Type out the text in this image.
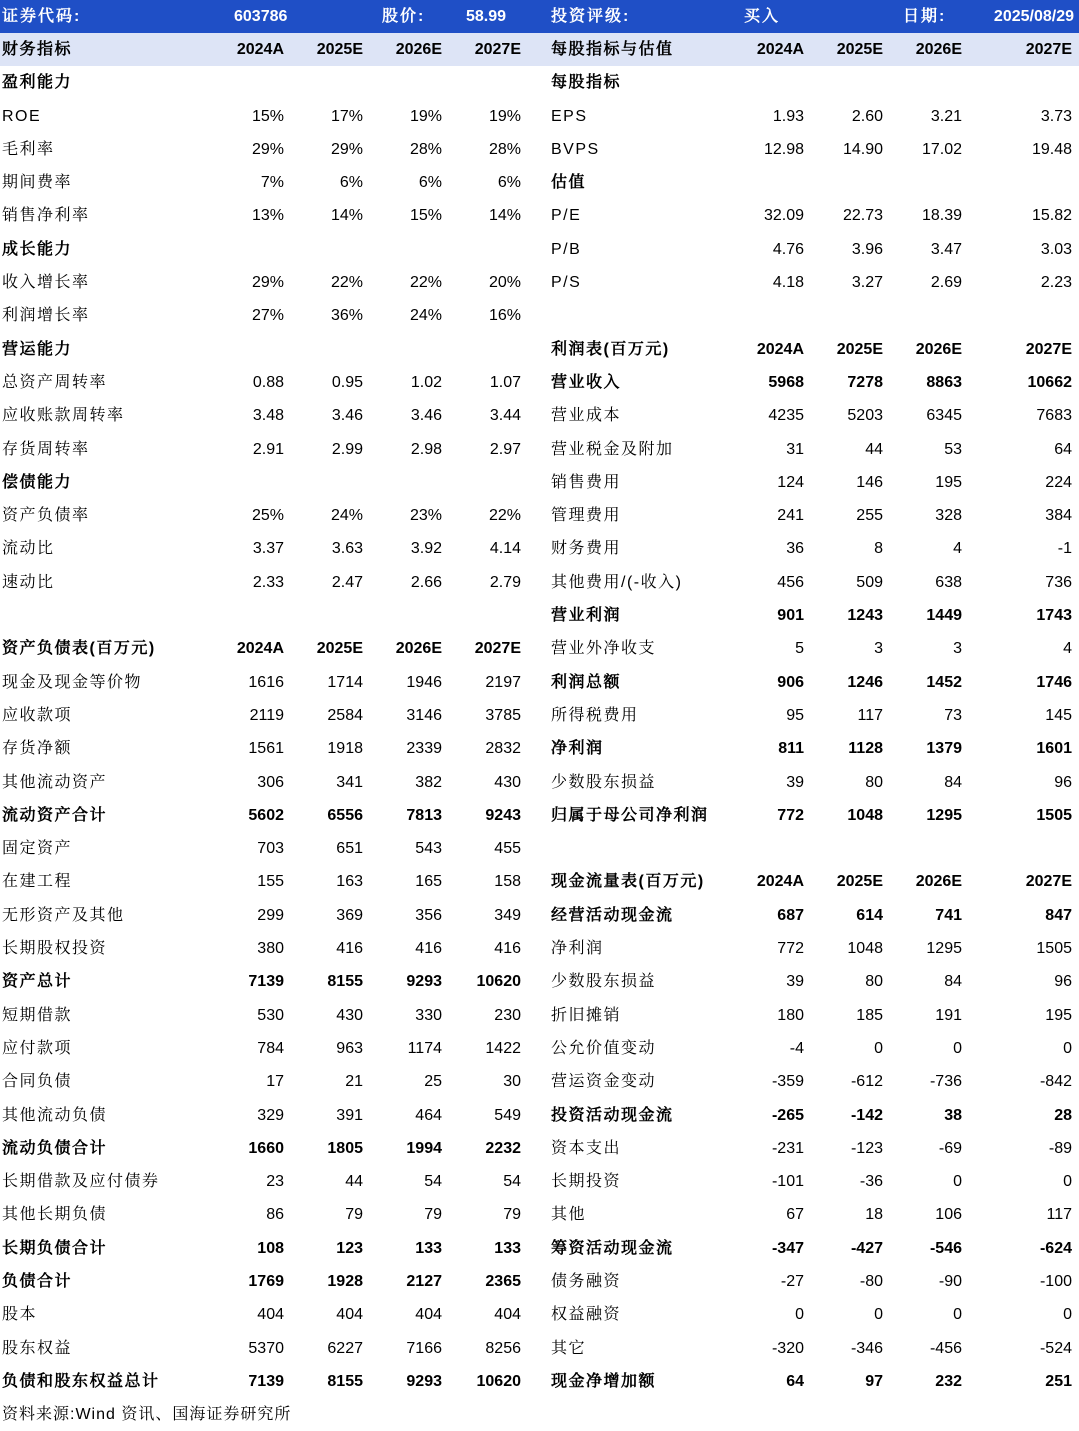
证券代码:	603786	股价:	58.99	投资评级:	买入	日期:	2025/08/29
财务指标	2024A	2025E	2026E	2027E 每股指标与估值	2024A	2025E	2026E	2027E
盈利能力	每股指标
ROE	15%	17%	19%	19% EPS	1.93	2.60	3.21	3.73
毛利率	29%	29%	28%	28% BVPS	12.98	14.90	17.02	19.48
期间费率	7%	6%	6%	6% 估值
销售净利率	13%	14%	15%	14% P/E	32.09	22.73	18.39	15.82
成长能力	P/B	4.76	3.96	3.47	3.03
收入增长率	29%	22%	22%	20% P/S	4.18	3.27	2.69	2.23
利润增长率	27%	36%	24%	16%
营运能力	利润表(百万元)	2024A	2025E	2026E	2027E
总资产周转率	0.88	0.95	1.02	1.07 营业收入	5968	7278	8863	10662
应收账款周转率	3.48	3.46	3.46	3.44 营业成本	4235	5203	6345	7683
存货周转率	2.91	2.99	2.98	2.97 营业税金及附加	31	44	53	64
偿债能力	销售费用	124	146	195	224
资产负债率	25%	24%	23%	22% 管理费用	241	255	328	384
流动比	3.37	3.63	3.92	4.14 财务费用	36	8	4	-1
速动比	2.33	2.47	2.66	2.79 其他费用/(-收入)	456	509	638	736
营业利润	901	1243	1449	1743
资产负债表(百万元)	2024A	2025E	2026E	2027E 营业外净收支	5	3	3	4
现金及现金等价物	1616	1714	1946	2197 利润总额	906	1246	1452	1746
应收款项	2119	2584	3146	3785 所得税费用	95	117	73	145
存货净额	1561	1918	2339	2832 净利润	811	1128	1379	1601
其他流动资产	306	341	382	430 少数股东损益	39	80	84	96
流动资产合计	5602	6556	7813	9243 归属于母公司净利润	772	1048	1295	1505
固定资产	703	651	543	455
在建工程	155	163	165	158 现金流量表(百万元)	2024A	2025E	2026E	2027E
无形资产及其他	299	369	356	349 经营活动现金流	687	614	741	847
长期股权投资	380	416	416	416 净利润	772	1048	1295	1505
资产总计	7139	8155	9293	10620 少数股东损益	39	80	84	96
短期借款	530	430	330	230 折旧摊销	180	185	191	195
应付款项	784	963	1174	1422 公允价值变动	-4	0	0	0
合同负债	17	21	25	30 营运资金变动	-359	-612	-736	-842
其他流动负债	329	391	464	549 投资活动现金流	-265	-142	38	28
流动负债合计	1660	1805	1994	2232 资本支出	-231	-123	-69	-89
长期借款及应付债券	23	44	54	54 长期投资	-101	-36	0	0
其他长期负债	86	79	79	79 其他	67	18	106	117
长期负债合计	108	123	133	133 筹资活动现金流	-347	-427	-546	-624
负债合计	1769	1928	2127	2365 债务融资	-27	-80	-90	-100
股本	404	404	404	404 权益融资	0	0	0	0
股东权益	5370	6227	7166	8256 其它	-320	-346	-456	-524
负债和股东权益总计	7139	8155	9293	10620 现金净增加额	64	97	232	251
资料来源:Wind 资讯、国海证券研究所
